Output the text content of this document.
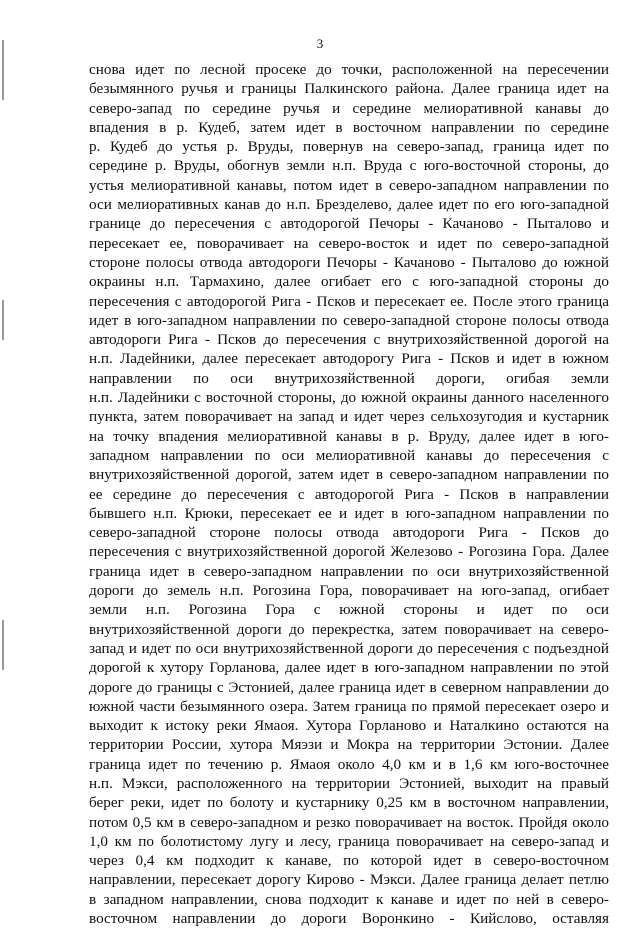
3
снова идет по лесной просеке до точки, расположенной на пересечении
безымянного ручья и границы Палкинского района. Далее граница идет на
северо-запад по середине ручья и середине мелиоративной канавы до
впадения в р. Кудеб, затем идет в восточном направлении по середине
р. Кудеб до устья р. Вруды, повернув на северо-запад, граница идет по
середине р. Вруды, обогнув земли н.п. Вруда с юго-восточной стороны, до
устья мелиоративной канавы, потом идет в северо-западном направлении по
оси мелиоративных канав до н.п. Брезделево, далее идет по его юго-западной
границе до пересечения с автодорогой Печоры - Качаново - Пыталово и
пересекает ее, поворачивает на северо-восток и идет по северо-западной
стороне полосы отвода автодороги Печоры - Качаново - Пыталово до южной
окраины н.п. Тармахино, далее огибает его с юго-западной стороны до
пересечения с автодорогой Рига - Псков и пересекает ее. После этого граница
идет в юго-западном направлении по северо-западной стороне полосы отвода
автодороги Рига - Псков до пересечения с внутрихозяйственной дорогой на
н.п. Ладейники, далее пересекает автодорогу Рига - Псков и идет в южном
направлении по оси внутрихозяйственной дороги, огибая земли
н.п. Ладейники с восточной стороны, до южной окраины данного населенного
пункта, затем поворачивает на запад и идет через сельхозугодия и кустарник
на точку впадения мелиоративной канавы в р. Вруду, далее идет в юго-
западном направлении по оси мелиоративной канавы до пересечения с
внутрихозяйственной дорогой, затем идет в северо-западном направлении по
ее середине до пересечения с автодорогой Рига - Псков в направлении
бывшего н.п. Крюки, пересекает ее и идет в юго-западном направлении по
северо-западной стороне полосы отвода автодороги Рига - Псков до
пересечения с внутрихозяйственной дорогой Железово - Рогозина Гора. Далее
граница идет в северо-западном направлении по оси внутрихозяйственной
дороги до земель н.п. Рогозина Гора, поворачивает на юго-запад, огибает
земли н.п. Рогозина Гора с южной стороны и идет по оси
внутрихозяйственной дороги до перекрестка, затем поворачивает на северо-
запад и идет по оси внутрихозяйственной дороги до пересечения с подъездной
дорогой к хутору Горланова, далее идет в юго-западном направлении по этой
дороге до границы с Эстонией, далее граница идет в северном направлении до
южной части безымянного озера. Затем граница по прямой пересекает озеро и
выходит к истоку реки Ямаоя. Хутора Горланово и Наталкино остаются на
территории России, хутора Мяэзи и Мокра на территории Эстонии. Далее
граница идет по течению р. Ямаоя около 4,0 км и в 1,6 км юго-восточнее
н.п. Мэкси, расположенного на территории Эстонией, выходит на правый
берег реки, идет по болоту и кустарнику 0,25 км в восточном направлении,
потом 0,5 км в северо-западном и резко поворачивает на восток. Пройдя около
1,0 км по болотистому лугу и лесу, граница поворачивает на северо-запад и
через 0,4 км подходит к канаве, по которой идет в северо-восточном
направлении, пересекает дорогу Кирово - Мэкси. Далее граница делает петлю
в западном направлении, снова подходит к канаве и идет по ней в северо-
восточном направлении до дороги Воронкино - Кийслово, оставляя
